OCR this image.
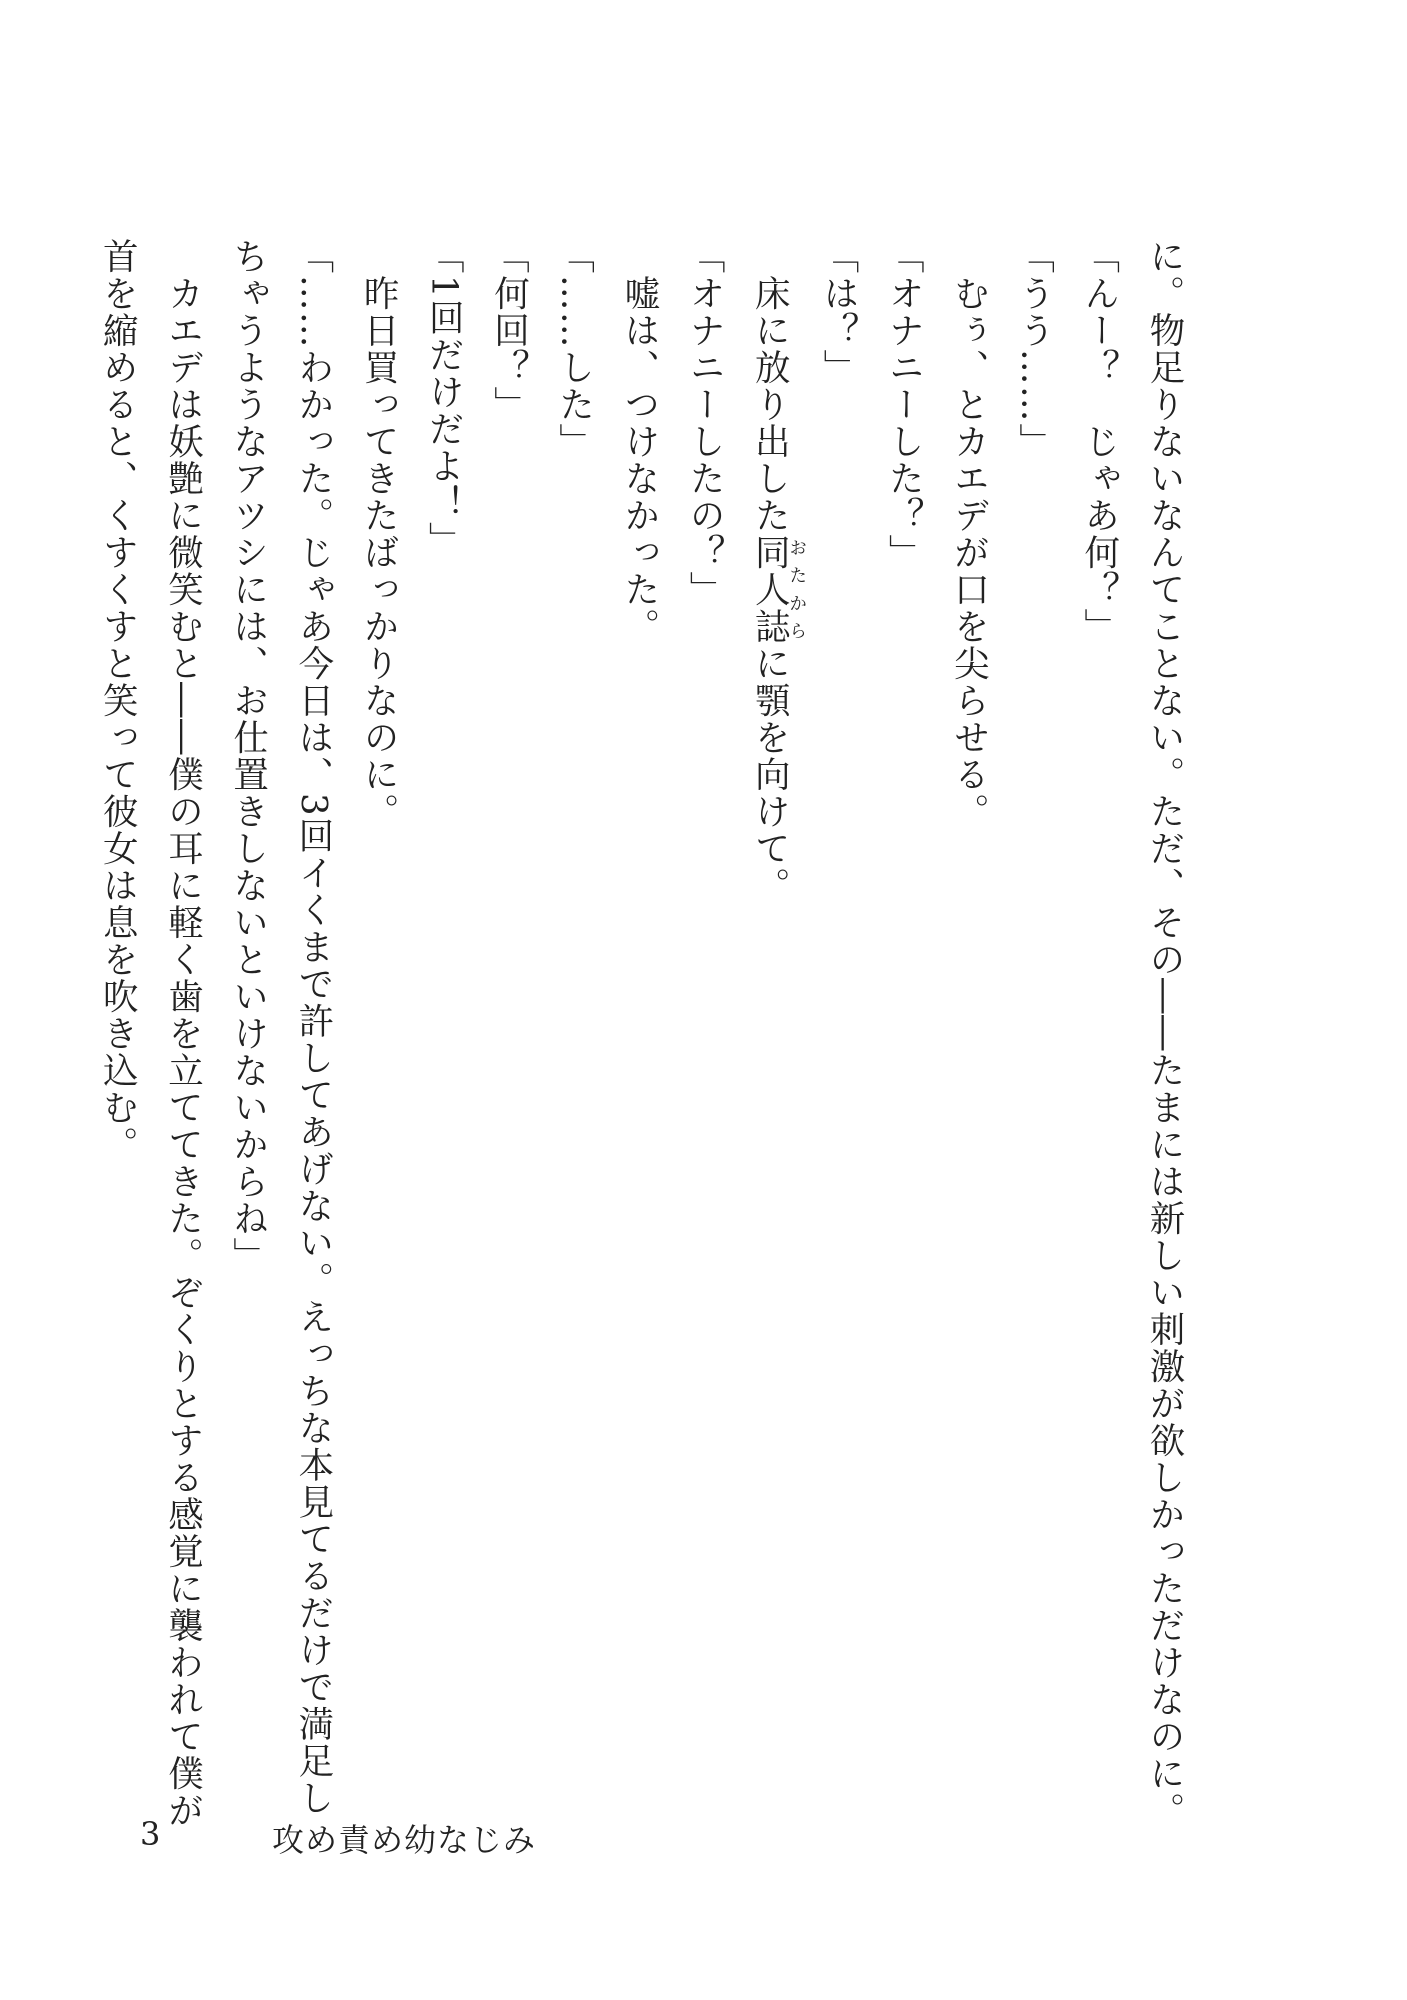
に。物足りないなんてことない。ただ、その――たまには新しい刺激が欲しかっただけなのに。
「んー？　じゃあ何？」
「うう……」
　むぅ、とカエデが口を尖らせる。
「オナニーした？」
「は？」
　床に放り出した同人誌おたからに顎を向けて。
「オナニーしたの？」
　嘘は、つけなかった。
「……した」
「何回？」
「1回だけだよ！」
　昨日買ってきたばっかりなのに。
「……わかった。じゃあ今日は、3回イくまで許してあげない。えっちな本見てるだけで満足し
ちゃうようなアツシには、お仕置きしないといけないからね」
　カエデは妖艶に微笑むと――僕の耳に軽く歯を立ててきた。ぞくりとする感覚に襲われて僕が
首を縮めると、くすくすと笑って彼女は息を吹き込む。
3	攻め責め幼なじみ
